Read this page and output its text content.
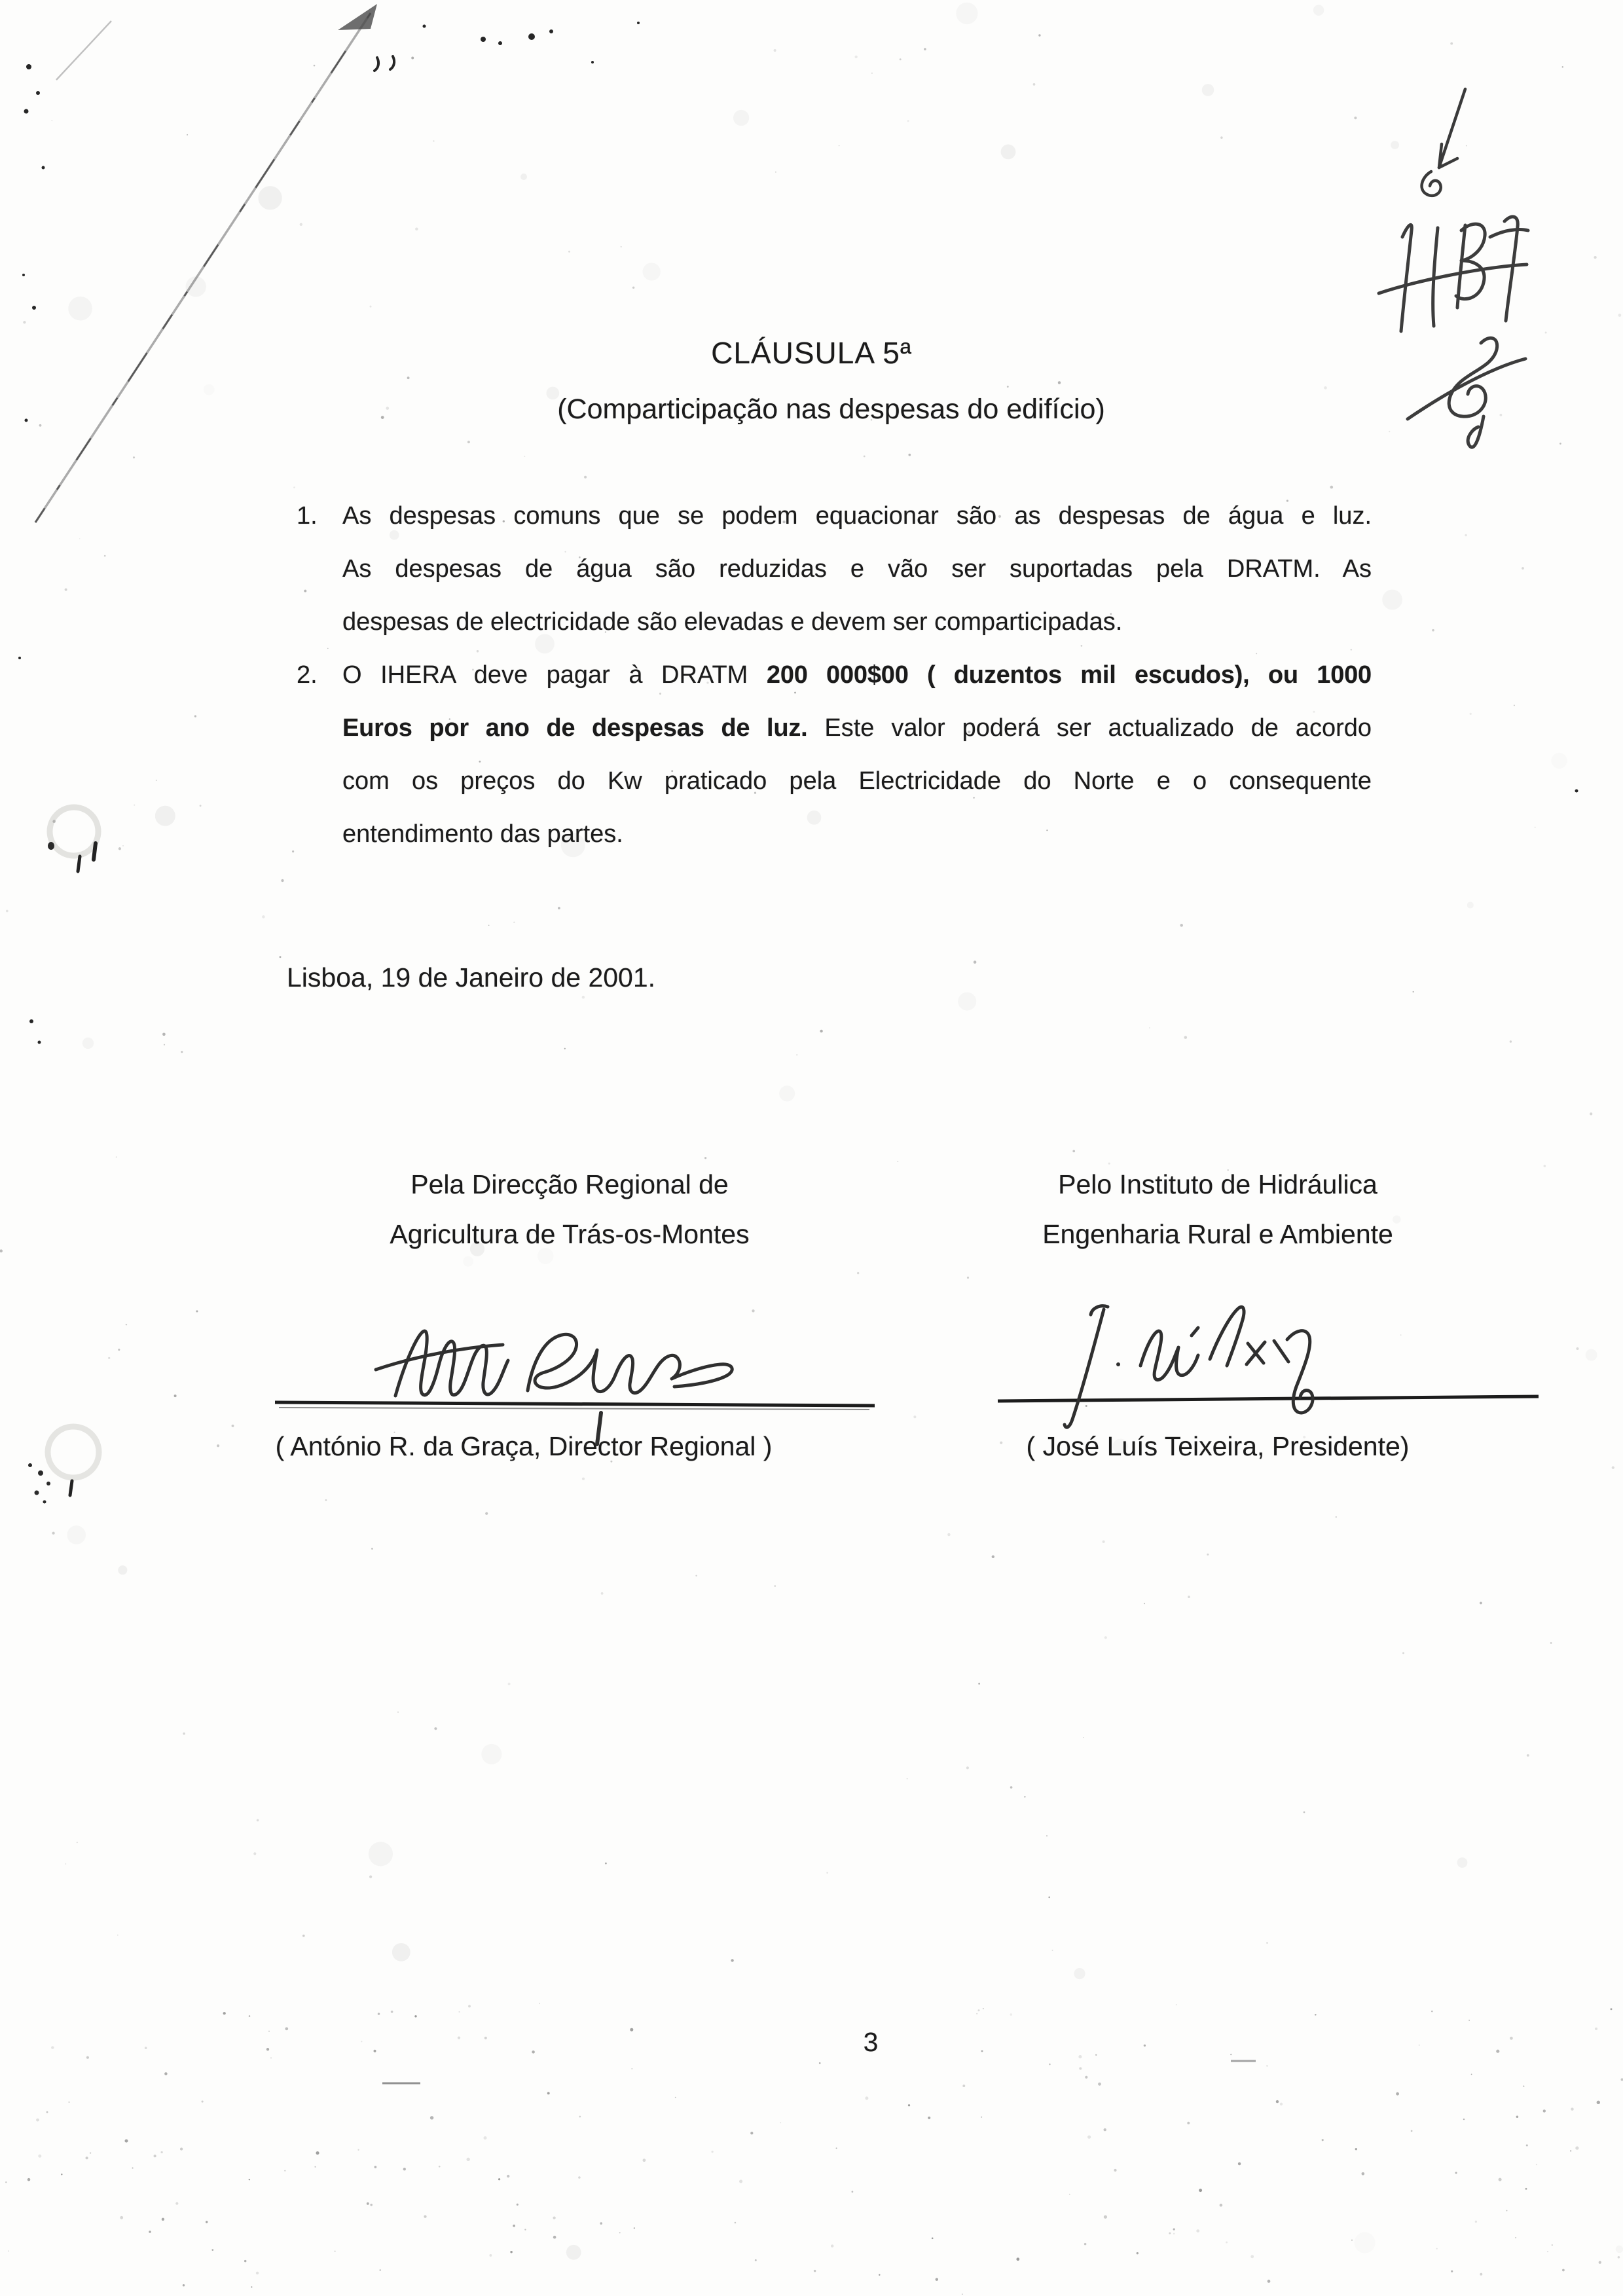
CLÁUSULA 5ª
(Comparticipação nas despesas do edifício)
1. As despesas comuns que se podem equacionar são as despesas de água e luz.
As despesas de água são reduzidas e vão ser suportadas pela DRATM. As
despesas de electricidade são elevadas e devem ser comparticipadas.
2. O IHERA deve pagar à DRATM 200 000$00 ( duzentos mil escudos), ou 1000
Euros por ano de despesas de luz. Este valor poderá ser actualizado de acordo
com os preços do Kw praticado pela Electricidade do Norte e o consequente
entendimento das partes.
Lisboa, 19 de Janeiro de 2001.
Pela Direcção Regional de
Agricultura de Trás-os-Montes
Pelo Instituto de Hidráulica
Engenharia Rural e Ambiente
( António R. da Graça, Director Regional )	( José Luís Teixeira, Presidente)
3
